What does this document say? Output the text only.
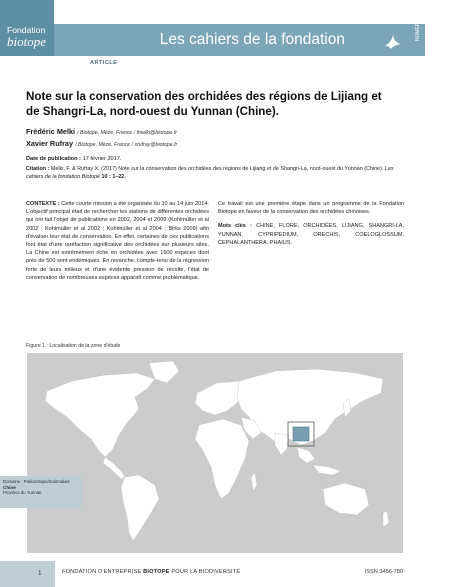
Fondation
biotope	Les cahiers de la fondation	NUMÉRO 10
ARTICLE
Note sur la conservation des orchidées des régions de Lijiang et de Shangri-La, nord-ouest du Yunnan (Chine).
Frédéric Melki / Biotope, Mèze, France / fmelki@biotope.fr
Xavier Rufray / Biotope, Mèze, France / xrufray@biotope.fr
Date de publication : 17 février 2017.
Citation : Melki, F. & Rufray X. (2017) Note sur la conservation des orchidées des régions de Lijiang et de Shangri-La, nord-ouest du Yunnan (Chine). Les cahiers de la fondation Biotope 10 : 1–22.
CONTEXTE : Cette courte mission a été organisée du 10 au 14 juin 2014. L'objectif principal était de rechercher les stations de différentes orchidées qui ont fait l'objet de publications en 2002, 2004 et 2009 (Kohlmüller et al 2002 ; Kohlmüller et al 2002 ; Kohlmüller et al 2004 ; Birks 2009) afin d'évaluer leur état de conservation. En effet, certaines de ces publications font état d'une raréfaction significative des orchidées sur plusieurs sites. La Chine est extrêmement riche en orchidées avec 1500 espèces dont près de 500 sont endémiques. En revanche, compte-tenu de la régression forte de leurs milieux et d'une évidente pression de récolte, l'état de conservation de nombreuses espèces apparaît comme problématique.

Ce travail est une première étape dans un programme de la Fondation Biotope en faveur de la conservation des orchidées chinoises.

Mots clés : CHINE, FLORE, ORCHIDÉES, LIJIANG, SHANGRI-LA, YUNNAN, CYPRIPEDIUM, ORECHIS, COELOGLOSSUM, CEPHALANTHERA, PHAIUS.

Figure 1 : Localisation de la zone d'étude
Domaine : Paléarctique/Indomalais
Chine
Province du Yunnan
1	FONDATION D'ENTREPRISE BIOTOPE POUR LA BIODIVERSITÉ	ISSN 3456-780
